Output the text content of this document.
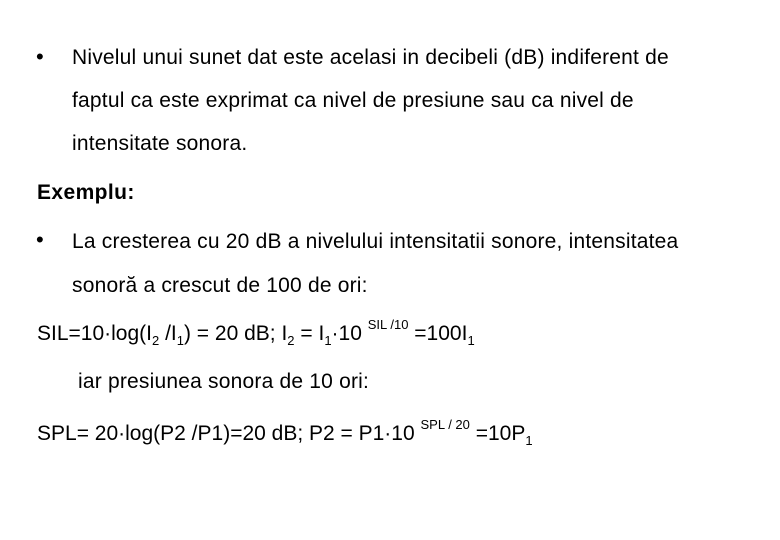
• Nivelul unui sunet dat este acelasi in decibeli (dB) indiferent de
faptul ca este exprimat ca nivel de presiune sau ca nivel de
intensitate sonora.
Exemplu:
• La cresterea cu 20 dB a nivelului intensitatii sonore, intensitatea
sonoră a crescut de 100 de ori:
$SIL=10\cdot\log(I_2$ $/I_1) = 20$ dB; $I_2 = I_1\cdot 10$ $^{SIL /10} =100I_1$
iar presiunea sonora de 10 ori:
SPL= 20·log(P2 /P1)=20 dB; P2 = P1·10 $^{SPL / 20} =10P_1$
